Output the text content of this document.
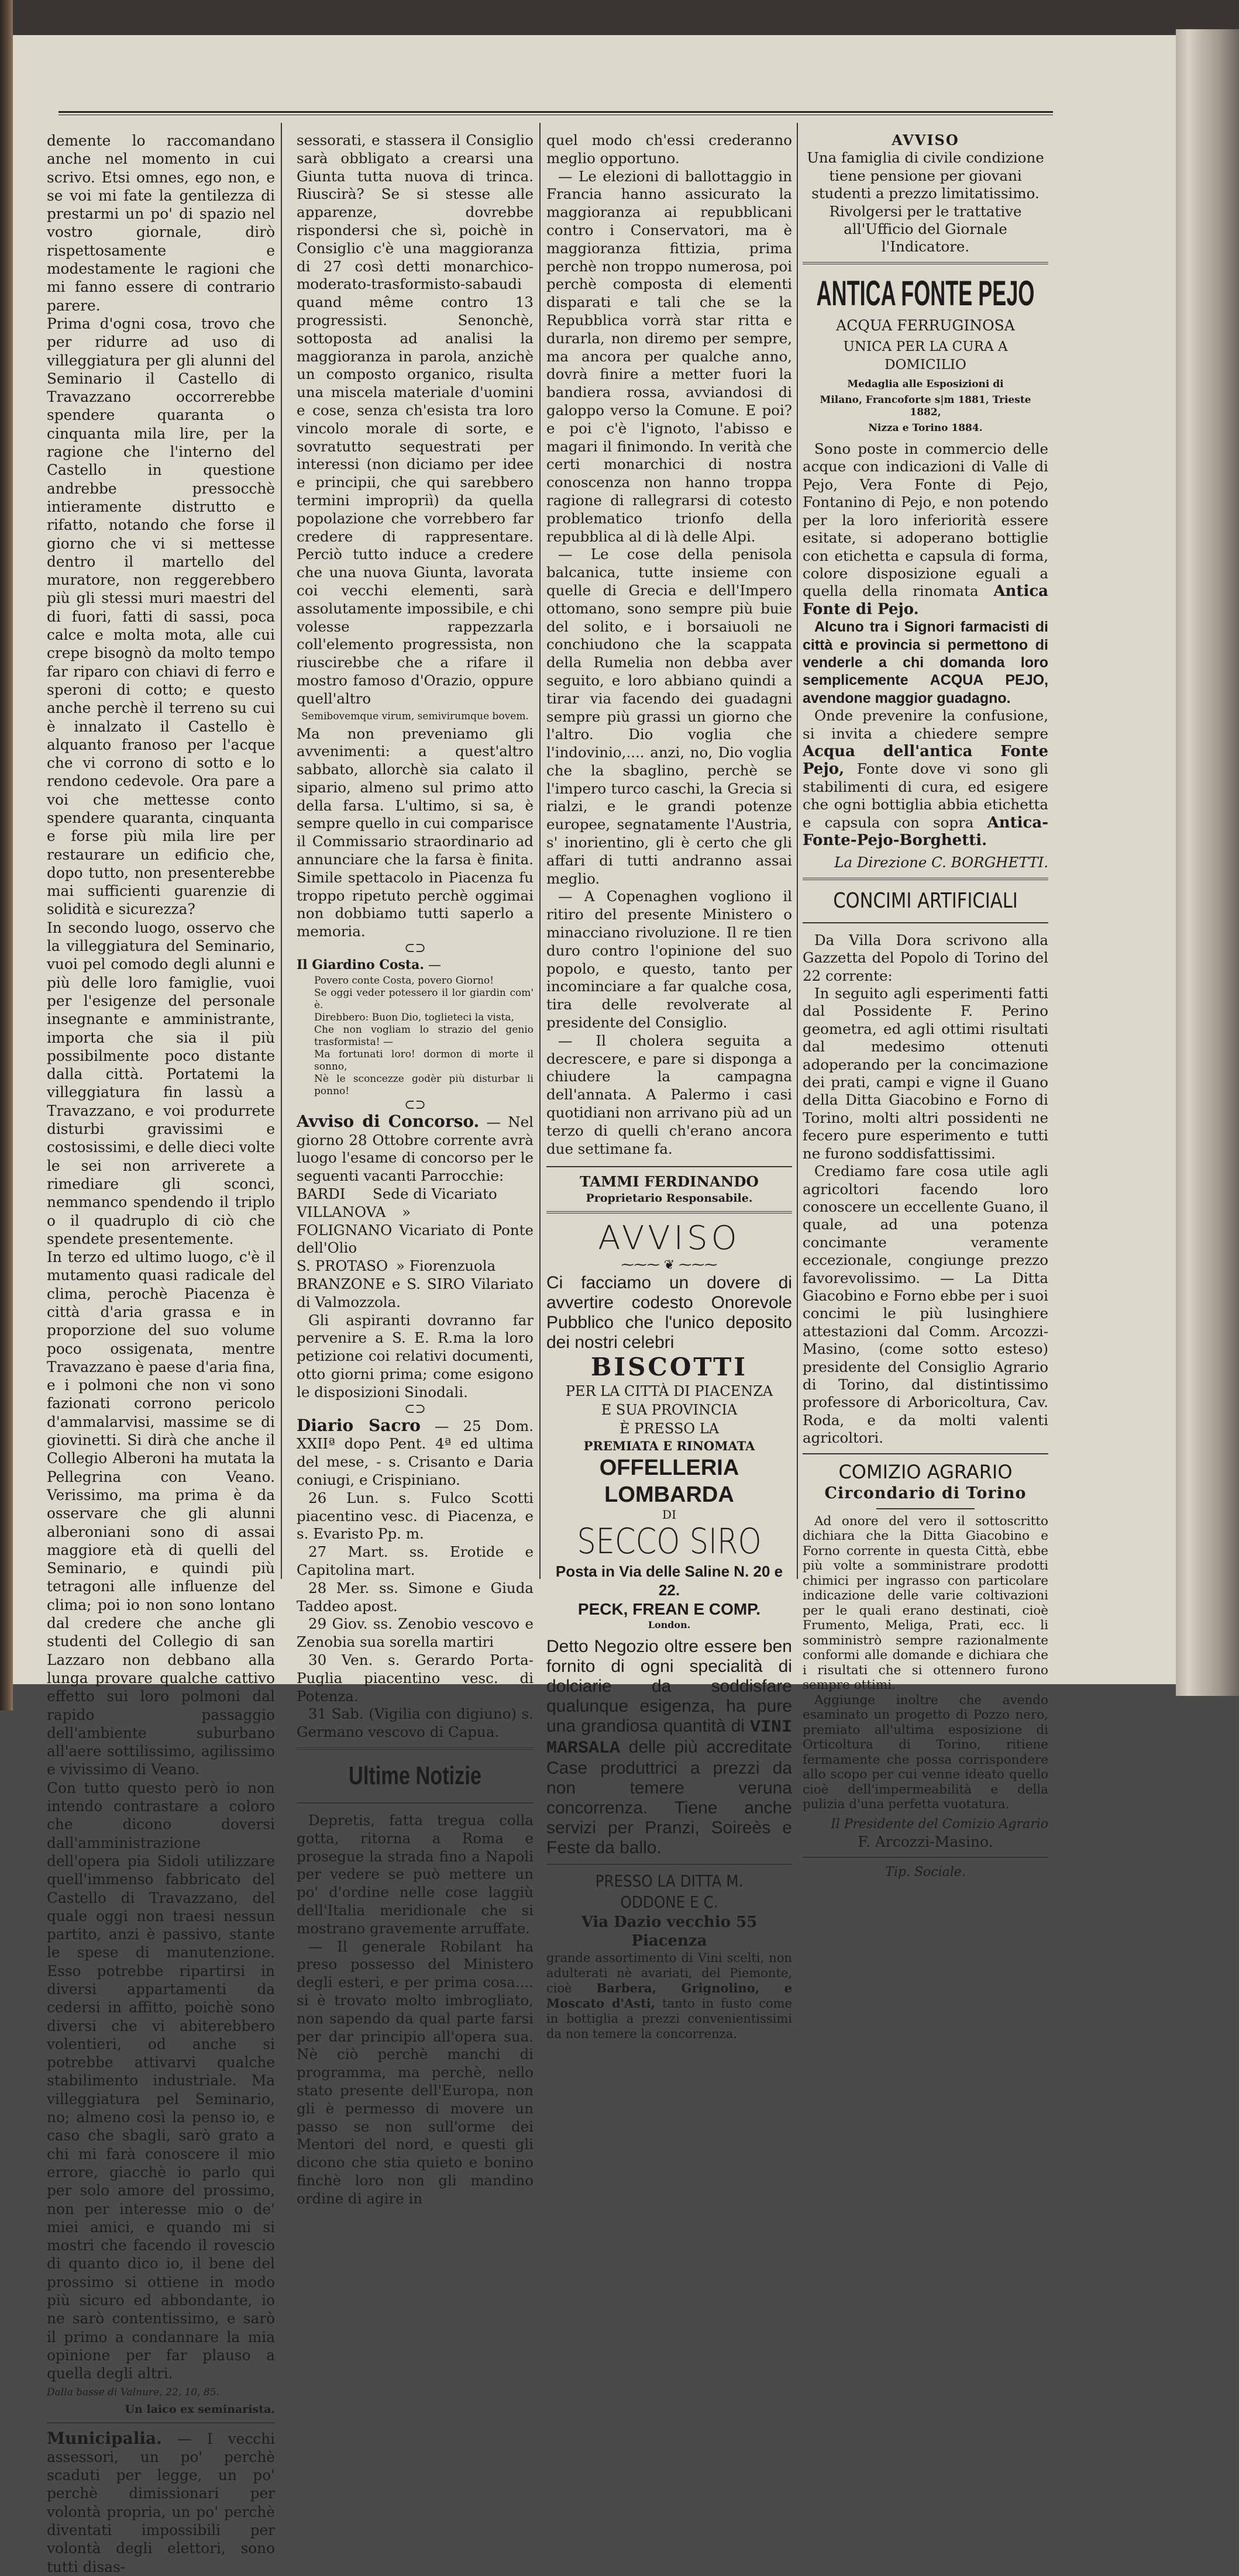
demente lo raccomandano anche nel momento in cui scrivo. Etsi omnes, ego non, e se voi mi fate la gentilezza di prestarmi un po' di spazio nel vostro giornale, dirò rispettosamente e modestamente le ragioni che mi fanno essere di contrario parere.

Prima d'ogni cosa, trovo che per ridurre ad uso di villeggiatura per gli alunni del Seminario il Castello di Travazzano occorrerebbe spendere quaranta o cinquanta mila lire, per la ragione che l'interno del Castello in questione andrebbe pressocchè intieramente distrutto e rifatto, notando che forse il giorno che vi si mettesse dentro il martello del muratore, non reggerebbero più gli stessi muri maestri del di fuori, fatti di sassi, poca calce e molta mota, alle cui crepe bisognò da molto tempo far riparo con chiavi di ferro e speroni di cotto; e questo anche perchè il terreno su cui è innalzato il Castello è alquanto franoso per l'acque che vi corrono di sotto e lo rendono cedevole. Ora pare a voi che mettesse conto spendere quaranta, cinquanta e forse più mila lire per restaurare un edificio che, dopo tutto, non presenterebbe mai sufficienti guarenzie di solidità e sicurezza?

In secondo luogo, osservo che la villeggiatura del Seminario, vuoi pel comodo degli alunni e più delle loro famiglie, vuoi per l'esigenze del personale insegnante e amministrante, importa che sia il più possibilmente poco distante dalla città. Portatemi la villeggiatura fin lassù a Travazzano, e voi produrrete disturbi gravissimi e costosissimi, e delle dieci volte le sei non arriverete a rimediare gli sconci, nemmanco spendendo il triplo o il quadruplo di ciò che spendete presentemente.

In terzo ed ultimo luogo, c'è il mutamento quasi radicale del clima, perochè Piacenza è città d'aria grassa e in proporzione del suo volume poco ossigenata, mentre Travazzano è paese d'aria fina, e i polmoni che non vi sono fazionati corrono pericolo d'ammalarvisi, massime se di giovinetti. Si dirà che anche il Collegio Alberoni ha mutata la Pellegrina con Veano. Verissimo, ma prima è da osservare che gli alunni alberoniani sono di assai maggiore età di quelli del Seminario, e quindi più tetragoni alle influenze del clima; poi io non sono lontano dal credere che anche gli studenti del Collegio di san Lazzaro non debbano alla lunga provare qualche cattivo effetto sui loro polmoni dal rapido passaggio dell'ambiente suburbano all'aere sottilissimo, agilissimo e vivissimo di Veano.

Con tutto questo però io non intendo contrastare a coloro che dicono doversi dall'amministrazione dell'opera pia Sidoli utilizzare quell'immenso fabbricato del Castello di Travazzano, del quale oggi non traesi nessun partito, anzi è passivo, stante le spese di manutenzione. Esso potrebbe ripartirsi in diversi appartamenti da cedersi in affitto, poichè sono diversi che vi abiterebbero volentieri, od anche si potrebbe attivarvi qualche stabilimento industriale. Ma villeggiatura pel Seminario, no; almeno così la penso io, e caso che sbagli, sarò grato a chi mi farà conoscere il mio errore, giacchè io parlo qui per solo amore del prossimo, non per interesse mio o de' miei amici, e quando mi si mostri che facendo il rovescio di quanto dico io, il bene del prossimo si ottiene in modo più sicuro ed abbondante, io ne sarò contentissimo, e sarò il primo a condannare la mia opinione per far plauso a quella degli altri.

Dalla basse di Valnure, 22, 10, 85.

Un laico ex seminarista.

Municipalia. — I vecchi assessori, un po' perchè scaduti per legge, un po' perchè dimissionari per volontà propria, un po' perchè diventati impossibili per volontà degli elettori, sono tutti disas-

sessorati, e stassera il Consiglio sarà obbligato a crearsi una Giunta tutta nuova di trinca. Riuscirà? Se si stesse alle apparenze, dovrebbe rispondersi che sì, poichè in Consiglio c'è una maggioranza di 27 così detti monarchico-moderato-trasformisto-sabaudi quand même contro 13 progressisti. Senonchè, sottoposta ad analisi la maggioranza in parola, anzichè un composto organico, risulta una miscela materiale d'uomini e cose, senza ch'esista tra loro vincolo morale di sorte, e sovratutto sequestrati per interessi (non diciamo per idee e principii, che qui sarebbero termini impropriì) da quella popolazione che vorrebbero far credere di rappresentare. Perciò tutto induce a credere che una nuova Giunta, lavorata coi vecchi elementi, sarà assolutamente impossibile, e chi volesse rappezzarla coll'elemento progressista, non riuscirebbe che a rifare il mostro famoso d'Orazio, oppure quell'altro

Semibovemque virum, semivirumque bovem.

Ma non preveniamo gli avvenimenti: a quest'altro sabbato, allorchè sia calato il sipario, almeno sul primo atto della farsa. L'ultimo, si sa, è sempre quello in cui comparisce il Commissario straordinario ad annunciare che la farsa è finita. Simile spettacolo in Piacenza fu troppo ripetuto perchè oggimai non dobbiamo tutti saperlo a memoria.

⊂⊃

Il Giardino Costa. —

Povero conte Costa, povero Giorno!
Se oggi veder potessero il lor giardin com' è.
Direbbero: Buon Dio, toglieteci la vista,
Che non vogliam lo strazio del genio trasformista! —
Ma fortunati loro! dormon di morte il sonno,
Nè le sconcezze godèr più disturbar li ponno!
⊂⊃

Avviso di Concorso. — Nel giorno 28 Ottobre corrente avrà luogo l'esame di concorso per le seguenti vacanti Parrocchie:

BARDI	Sede di Vicariato
VILLANOVA	»
FOLIGNANO Vicariato di Ponte dell'Olio
S. PROTASO » Fiorenzuola
BRANZONE e S. SIRO Vilariato di Valmozzola.

Gli aspiranti dovranno far pervenire a S. E. R.ma la loro petizione coi relativi documenti, otto giorni prima; come esigono le disposizioni Sinodali.

⊂⊃

Diario Sacro — 25 Dom. XXIIª dopo Pent. 4ª ed ultima del mese, - s. Crisanto e Daria coniugi, e Crispiniano.

26 Lun. s. Fulco Scotti piacentino vesc. di Piacenza, e s. Evaristo Pp. m.

27 Mart. ss. Erotide e Capitolina mart.

28 Mer. ss. Simone e Giuda Taddeo apost.

29 Giov. ss. Zenobio vescovo e Zenobia sua sorella martiri

30 Ven. s. Gerardo Porta-Puglia piacentino vesc. di Potenza.

31 Sab. (Vigilia con digiuno) s. Germano vescovo di Capua.

Ultime Notizie

Depretis, fatta tregua colla gotta, ritorna a Roma e prosegue la strada fino a Napoli per vedere se può mettere un po' d'ordine nelle cose laggiù dell'Italia meridionale che si mostrano gravemente arruffate.

— Il generale Robilant ha preso possesso del Ministero degli esteri, e per prima cosa.... si è trovato molto imbrogliato, non sapendo da qual parte farsi per dar principio all'opera sua. Nè ciò perchè manchi di programma, ma perchè, nello stato presente dell'Europa, non gli è permesso di movere un passo se non sull'orme dei Mentori del nord, e questi gli dicono che stia quieto e bonino finchè loro non gli mandino ordine di agire in

quel modo ch'essi crederanno meglio opportuno.

— Le elezioni di ballottaggio in Francia hanno assicurato la maggioranza ai repubblicani contro i Conservatori, ma è maggioranza fittizia, prima perchè non troppo numerosa, poi perchè composta di elementi disparati e tali che se la Repubblica vorrà star ritta e durarla, non diremo per sempre, ma ancora per qualche anno, dovrà finire a metter fuori la bandiera rossa, avviandosi di galoppo verso la Comune. E poi? e poi c'è l'ignoto, l'abisso e magari il finimondo. In verità che certi monarchici di nostra conoscenza non hanno troppa ragione di rallegrarsi di cotesto problematico trionfo della repubblica al di là delle Alpi.

— Le cose della penisola balcanica, tutte insieme con quelle di Grecia e dell'Impero ottomano, sono sempre più buie del solito, e i borsaiuoli ne conchiudono che la scappata della Rumelia non debba aver seguito, e loro abbiano quindi a tirar via facendo dei guadagni sempre più grassi un giorno che l'altro. Dio voglia che l'indovinio,.... anzi, no, Dio voglia che la sbaglino, perchè se l'impero turco caschi, la Grecia si rialzi, e le grandi potenze europee, segnatamente l'Austria, s' inorientino, gli è certo che gli affari di tutti andranno assai meglio.

— A Copenaghen vogliono il ritiro del presente Ministero o minacciano rivoluzione. Il re tien duro contro l'opinione del suo popolo, e questo, tanto per incominciare a far qualche cosa, tira delle revolverate al presidente del Consiglio.

— Il cholera seguita a decrescere, e pare si disponga a chiudere la campagna dell'annata. A Palermo i casi quotidiani non arrivano più ad un terzo di quelli ch'erano ancora due settimane fa.

TAMMI FERDINANDO
Proprietario Responsabile.
AVVISO
⁓⁓⁓ ❦ ⁓⁓⁓

Ci facciamo un dovere di avvertire codesto Onorevole Pubblico che l'unico deposito dei nostri celebri

BISCOTTI
PER LA CITTÀ DI PIACENZA
E SUA PROVINCIA
È PRESSO LA
PREMIATA E RINOMATA
OFFELLERIA LOMBARDA
DI
SECCO SIRO
Posta in Via delle Saline N. 20 e 22.
PECK, FREAN E COMP.
London.

Detto Negozio oltre essere ben fornito di ogni specialità di dolciarie da soddisfare qualunque esigenza, ha pure una grandiosa quantità di VINI MARSALA delle più accreditate Case produttrici a prezzi da non temere veruna concorrenza. Tiene anche servizi per Pranzi, Soireès e Feste da ballo.

PRESSO LA DITTA M. ODDONE E C.
Via Dazio vecchio 55 Piacenza

grande assortimento di Vini scelti, non adulterati nè avariati, del Piemonte, cioè Barbera, Grignolino, e Moscato d'Asti, tanto in fusto come in bottiglia a prezzi convenientissimi da non temere la concorrenza.

AVVISO

Una famiglia di civile condizione tiene pensione per giovani studenti a prezzo limitatissimo. Rivolgersi per le trattative all'Ufficio del Giornale l'Indicatore.

ANTICA FONTE PEJO
ACQUA FERRUGINOSA
UNICA PER LA CURA A DOMICILIO
Medaglia alle Esposizioni di
Milano, Francoforte s|m 1881, Trieste 1882,
Nizza e Torino 1884.

Sono poste in commercio delle acque con indicazioni di Valle di Pejo, Vera Fonte di Pejo, Fontanino di Pejo, e non potendo per la loro inferiorità essere esitate, si adoperano bottiglie con etichetta e capsula di forma, colore disposizione eguali a quella della rinomata Antica Fonte di Pejo.

Alcuno tra i Signori farmacisti di città e provincia si permettono di venderle a chi domanda loro semplicemente ACQUA PEJO, avendone maggior guadagno.

Onde prevenire la confusione, si invita a chiedere sempre Acqua dell'antica Fonte Pejo, Fonte dove vi sono gli stabilimenti di cura, ed esigere che ogni bottiglia abbia etichetta e capsula con sopra Antica-Fonte-Pejo-Borghetti.

La Direzione C. BORGHETTI.
CONCIMI ARTIFICIALI

Da Villa Dora scrivono alla Gazzetta del Popolo di Torino del 22 corrente:

In seguito agli esperimenti fatti dal Possidente F. Perino geometra, ed agli ottimi risultati dal medesimo ottenuti adoperando per la concimazione dei prati, campi e vigne il Guano della Ditta Giacobino e Forno di Torino, molti altri possidenti ne fecero pure esperimento e tutti ne furono soddisfattissimi.

Crediamo fare cosa utile agli agricoltori facendo loro conoscere un eccellente Guano, il quale, ad una potenza concimante veramente eccezionale, congiunge prezzo favorevolissimo. — La Ditta Giacobino e Forno ebbe per i suoi concimi le più lusinghiere attestazioni dal Comm. Arcozzi-Masino, (come sotto esteso) presidente del Consiglio Agrario di Torino, dal distintissimo professore di Arboricoltura, Cav. Roda, e da molti valenti agricoltori.

COMIZIO AGRARIO
Circondario di Torino

Ad onore del vero il sottoscritto dichiara che la Ditta Giacobino e Forno corrente in questa Città, ebbe più volte a somministrare prodotti chimici per ingrasso con particolare indicazione delle varie coltivazioni per le quali erano destinati, cioè Frumento, Meliga, Prati, ecc. li somministrò sempre razionalmente conformi alle domande e dichiara che i risultati che si ottennero furono sempre ottimi.

Aggiunge inoltre che avendo esaminato un progetto di Pozzo nero, premiato all'ultima esposizione di Orticoltura di Torino, ritiene fermamente che possa corrispondere allo scopo per cui venne ideato quello cioè dell'impermeabilità e della pulizia d'una perfetta vuotatura.

Il Presidente del Comizio Agrario
F. Arcozzi-Masino.
Tip. Sociale.
